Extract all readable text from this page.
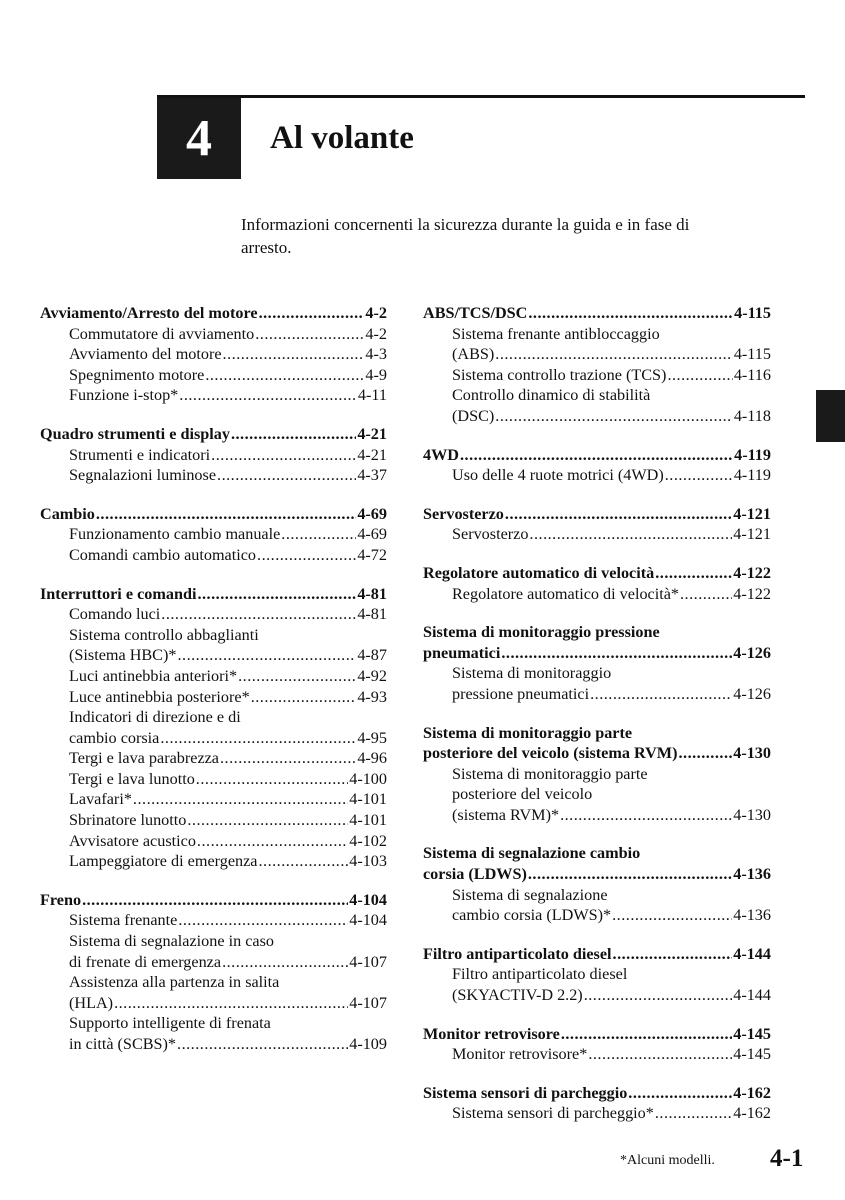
4 Al volante
Informazioni concernenti la sicurezza durante la guida e in fase di arresto.
Avviamento/Arresto del motore .....	4-2
Commutatore di avviamento .....	4-2
Avviamento del motore .....	4-3
Spegnimento motore .....	4-9
Funzione i-stop* .....	4-11
Quadro strumenti e display .....	4-21
Strumenti e indicatori .....	4-21
Segnalazioni luminose .....	4-37
Cambio .....	4-69
Funzionamento cambio manuale .....	4-69
Comandi cambio automatico .....	4-72
Interruttori e comandi .....	4-81
Comando luci .....	4-81
Sistema controllo abbaglianti
(Sistema HBC)* .....	4-87
Luci antinebbia anteriori* .....	4-92
Luce antinebbia posteriore* .....	4-93
Indicatori di direzione e di
cambio corsia .....	4-95
Tergi e lava parabrezza .....	4-96
Tergi e lava lunotto .....	4-100
Lavafari* .....	4-101
Sbrinatore lunotto .....	4-101
Avvisatore acustico .....	4-102
Lampeggiatore di emergenza .....	4-103
Freno .....	4-104
Sistema frenante .....	4-104
Sistema di segnalazione in caso
di frenate di emergenza .....	4-107
Assistenza alla partenza in salita
(HLA) .....	4-107
Supporto intelligente di frenata
in città (SCBS)* .....	4-109
ABS/TCS/DSC .....	4-115
Sistema frenante antibloccaggio
(ABS) .....	4-115
Sistema controllo trazione (TCS) .....	4-116
Controllo dinamico di stabilità
(DSC) .....	4-118
4WD .....	4-119
Uso delle 4 ruote motrici (4WD) .....	4-119
Servosterzo .....	4-121
Servosterzo .....	4-121
Regolatore automatico di velocità .....	4-122
Regolatore automatico di velocità* .....	4-122
Sistema di monitoraggio pressione
pneumatici .....	4-126
Sistema di monitoraggio
pressione pneumatici .....	4-126
Sistema di monitoraggio parte
posteriore del veicolo (sistema RVM) .....	4-130
Sistema di monitoraggio parte
posteriore del veicolo
(sistema RVM)* .....	4-130
Sistema di segnalazione cambio
corsia (LDWS) .....	4-136
Sistema di segnalazione
cambio corsia (LDWS)* .....	4-136
Filtro antiparticolato diesel .....	4-144
Filtro antiparticolato diesel
(SKYACTIV-D 2.2) .....	4-144
Monitor retrovisore .....	4-145
Monitor retrovisore* .....	4-145
Sistema sensori di parcheggio .....	4-162
Sistema sensori di parcheggio* .....	4-162
*Alcuni modelli. 4-1
